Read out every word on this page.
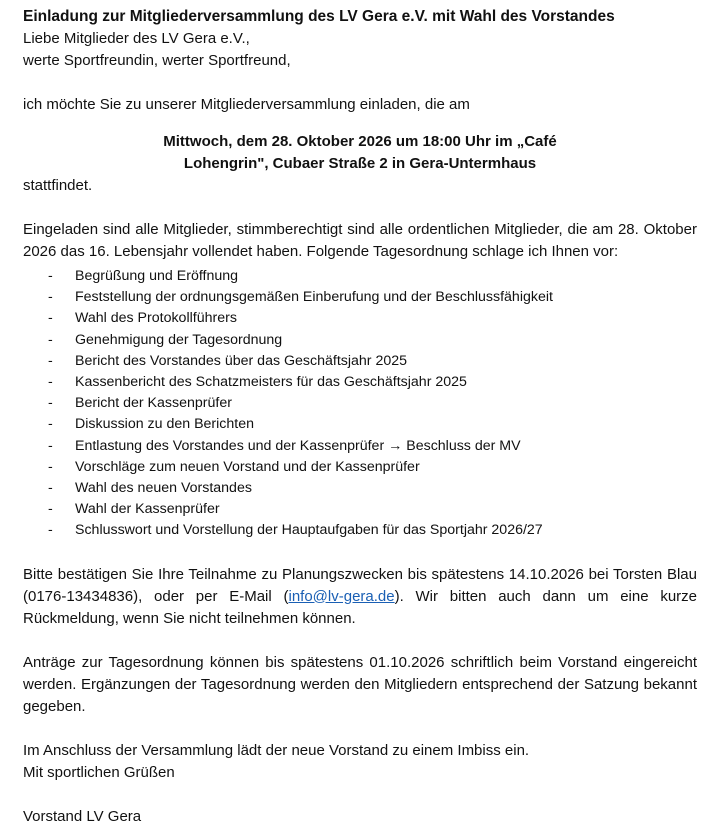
Einladung zur Mitgliederversammlung des LV Gera e.V. mit Wahl des Vorstandes

Liebe Mitglieder des LV Gera e.V.,

werte Sportfreundin, werter Sportfreund,

ich möchte Sie zu unserer Mitgliederversammlung einladen, die am

Mittwoch, dem 28. Oktober 2026 um 18:00 Uhr im „Café

Lohengrin", Cubaer Straße 2 in Gera-Untermhaus

stattfindet.

Eingeladen sind alle Mitglieder, stimmberechtigt sind alle ordentlichen Mitglieder, die am 28. Oktober 2026 das 16. Lebensjahr vollendet haben. Folgende Tagesordnung schlage ich Ihnen vor:

-	Begrüßung und Eröffnung
-	Feststellung der ordnungsgemäßen Einberufung und der Beschlussfähigkeit
-	Wahl des Protokollführers
-	Genehmigung der Tagesordnung
-	Bericht des Vorstandes über das Geschäftsjahr 2025
-	Kassenbericht des Schatzmeisters für das Geschäftsjahr 2025
-	Bericht der Kassenprüfer
-	Diskussion zu den Berichten
-	Entlastung des Vorstandes und der Kassenprüfer → Beschluss der MV
-	Vorschläge zum neuen Vorstand und der Kassenprüfer
-	Wahl des neuen Vorstandes
-	Wahl der Kassenprüfer
-	Schlusswort und Vorstellung der Hauptaufgaben für das Sportjahr 2026/27

Bitte bestätigen Sie Ihre Teilnahme zu Planungszwecken bis spätestens 14.10.2026 bei Torsten Blau (0176-13434836), oder per E-Mail (info@lv-gera.de). Wir bitten auch dann um eine kurze Rückmeldung, wenn Sie nicht teilnehmen können.

Anträge zur Tagesordnung können bis spätestens 01.10.2026 schriftlich beim Vorstand eingereicht werden. Ergänzungen der Tagesordnung werden den Mitgliedern entsprechend der Satzung bekannt gegeben.

Im Anschluss der Versammlung lädt der neue Vorstand zu einem Imbiss ein.

Mit sportlichen Grüßen

Vorstand LV Gera
